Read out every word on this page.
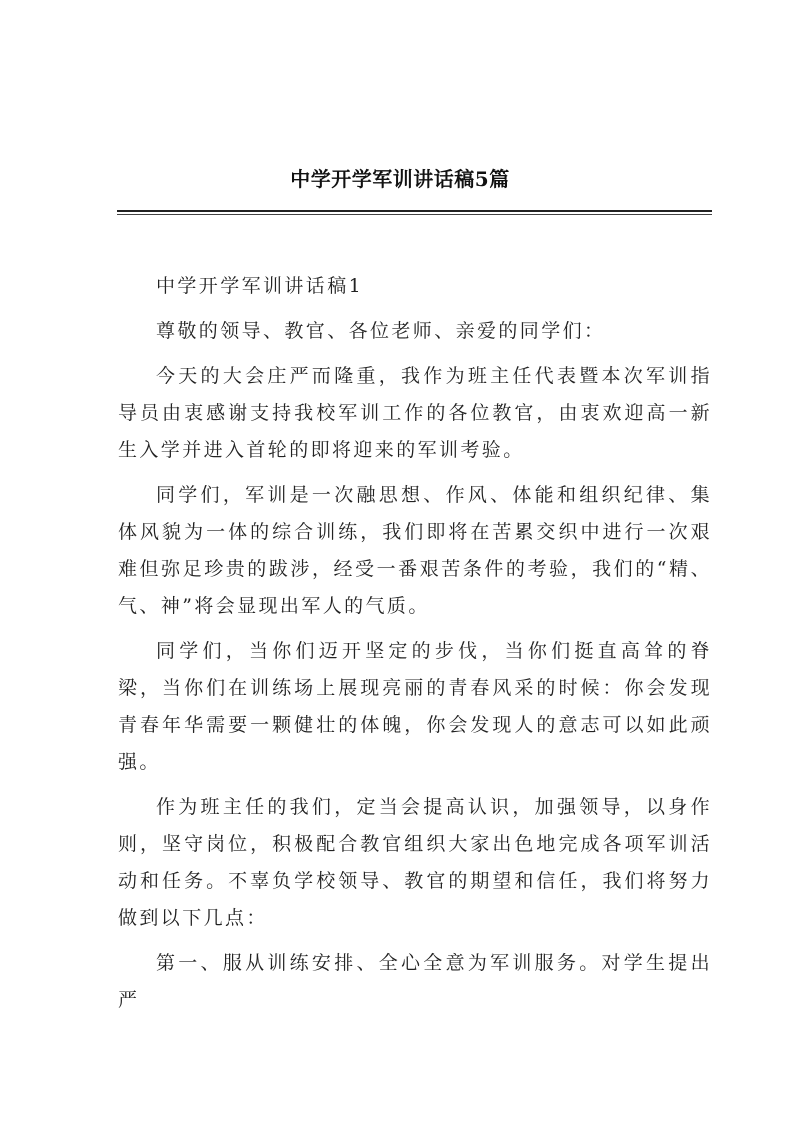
中学开学军训讲话稿5篇

中学开学军训讲话稿1

尊敬的领导、教官、各位老师、亲爱的同学们：

今天的大会庄严而隆重，我作为班主任代表暨本次军训指导员由衷感谢支持我校军训工作的各位教官，由衷欢迎高一新生入学并进入首轮的即将迎来的军训考验。

同学们，军训是一次融思想、作风、体能和组织纪律、集体风貌为一体的综合训练，我们即将在苦累交织中进行一次艰难但弥足珍贵的跋涉，经受一番艰苦条件的考验，我们的“精、气、神”将会显现出军人的气质。

同学们，当你们迈开坚定的步伐，当你们挺直高耸的脊梁，当你们在训练场上展现亮丽的青春风采的时候：你会发现青春年华需要一颗健壮的体魄，你会发现人的意志可以如此顽强。

作为班主任的我们，定当会提高认识，加强领导，以身作则，坚守岗位，积极配合教官组织大家出色地完成各项军训活动和任务。不辜负学校领导、教官的期望和信任，我们将努力做到以下几点：

第一、服从训练安排、全心全意为军训服务。对学生提出严
